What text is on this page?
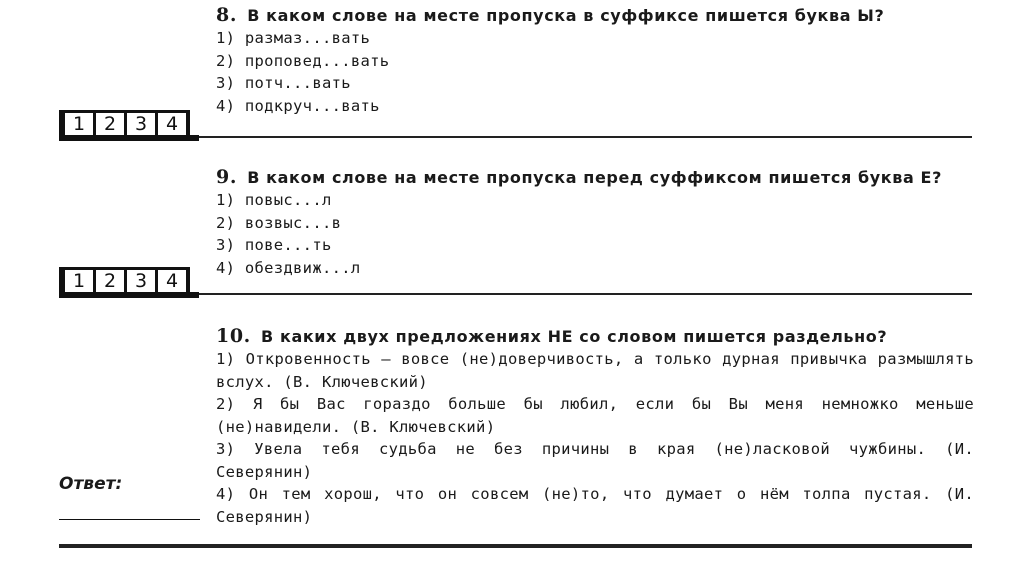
8. В каком слове на месте пропуска в суффиксе пишется буква Ы?
1) размаз...вать
2) проповед...вать
3) потч...вать
4) подкруч...вать
1 2 3 4
9. В каком слове на месте пропуска перед суффиксом пишется буква Е?
1) повыс...л
2) возвыс...в
3) пове...ть
4) обездвиж...л
1 2 3 4
10. В каких двух предложениях НЕ со словом пишется раздельно?
1) Откровенность — вовсе (не)доверчивость, а только дурная привычка размышлять вслух. (В. Ключевский)
2) Я бы Вас гораздо больше бы любил, если бы Вы меня немножко меньше (не)навидели. (В. Ключевский)
3) Увела тебя судьба не без причины в края (не)ласковой чужбины. (И. Северянин)
4) Он тем хорош, что он совсем (не)то, что думает о нём толпа пустая. (И. Северянин)
Ответ:
